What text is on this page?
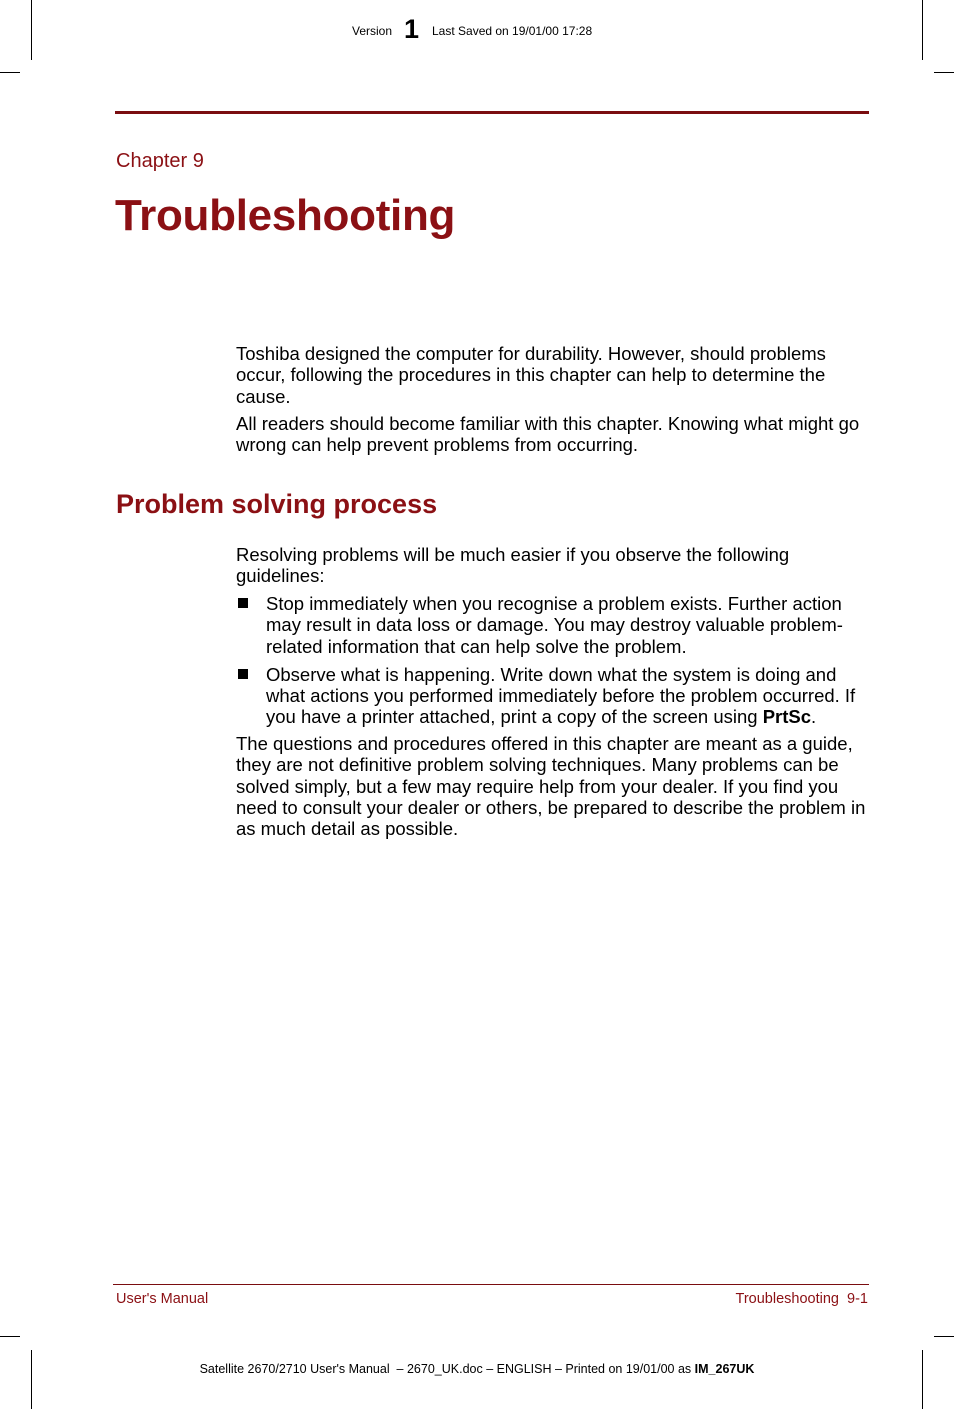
Version 1 Last Saved on 19/01/00 17:28
Chapter 9
Troubleshooting

Toshiba designed the computer for durability. However, should problems occur, following the procedures in this chapter can help to determine the cause.

All readers should become familiar with this chapter. Knowing what might go wrong can help prevent problems from occurring.

Problem solving process

Resolving problems will be much easier if you observe the following guidelines:

Stop immediately when you recognise a problem exists. Further action may result in data loss or damage. You may destroy valuable problem-related information that can help solve the problem.
Observe what is happening. Write down what the system is doing and what actions you performed immediately before the problem occurred. If you have a printer attached, print a copy of the screen using PrtSc.

The questions and procedures offered in this chapter are meant as a guide, they are not definitive problem solving techniques. Many problems can be solved simply, but a few may require help from your dealer. If you find you need to consult your dealer or others, be prepared to describe the problem in as much detail as possible.

User's Manual	Troubleshooting  9-1
Satellite 2670/2710 User's Manual  – 2670_UK.doc – ENGLISH – Printed on 19/01/00 as IM_267UK
